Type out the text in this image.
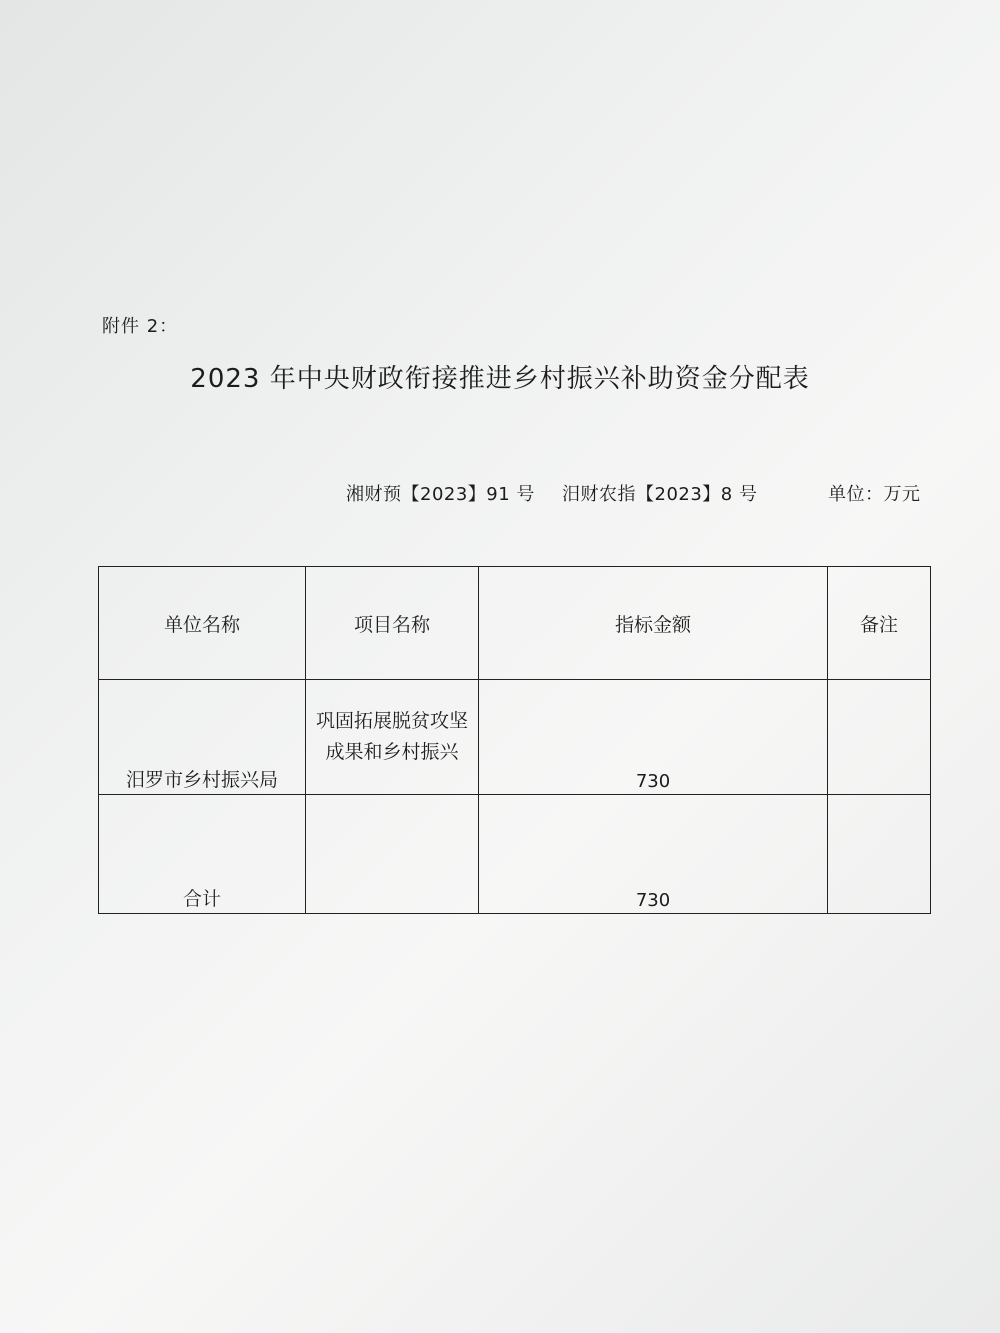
附件 2：
2023 年中央财政衔接推进乡村振兴补助资金分配表
湘财预【2023】91 号 汨财农指【2023】8 号	单位：万元
单位名称	项目名称	指标金额	备注

汨罗市乡村振兴局	巩固拓展脱贫攻坚成果和乡村振兴	730	

合计		730	
